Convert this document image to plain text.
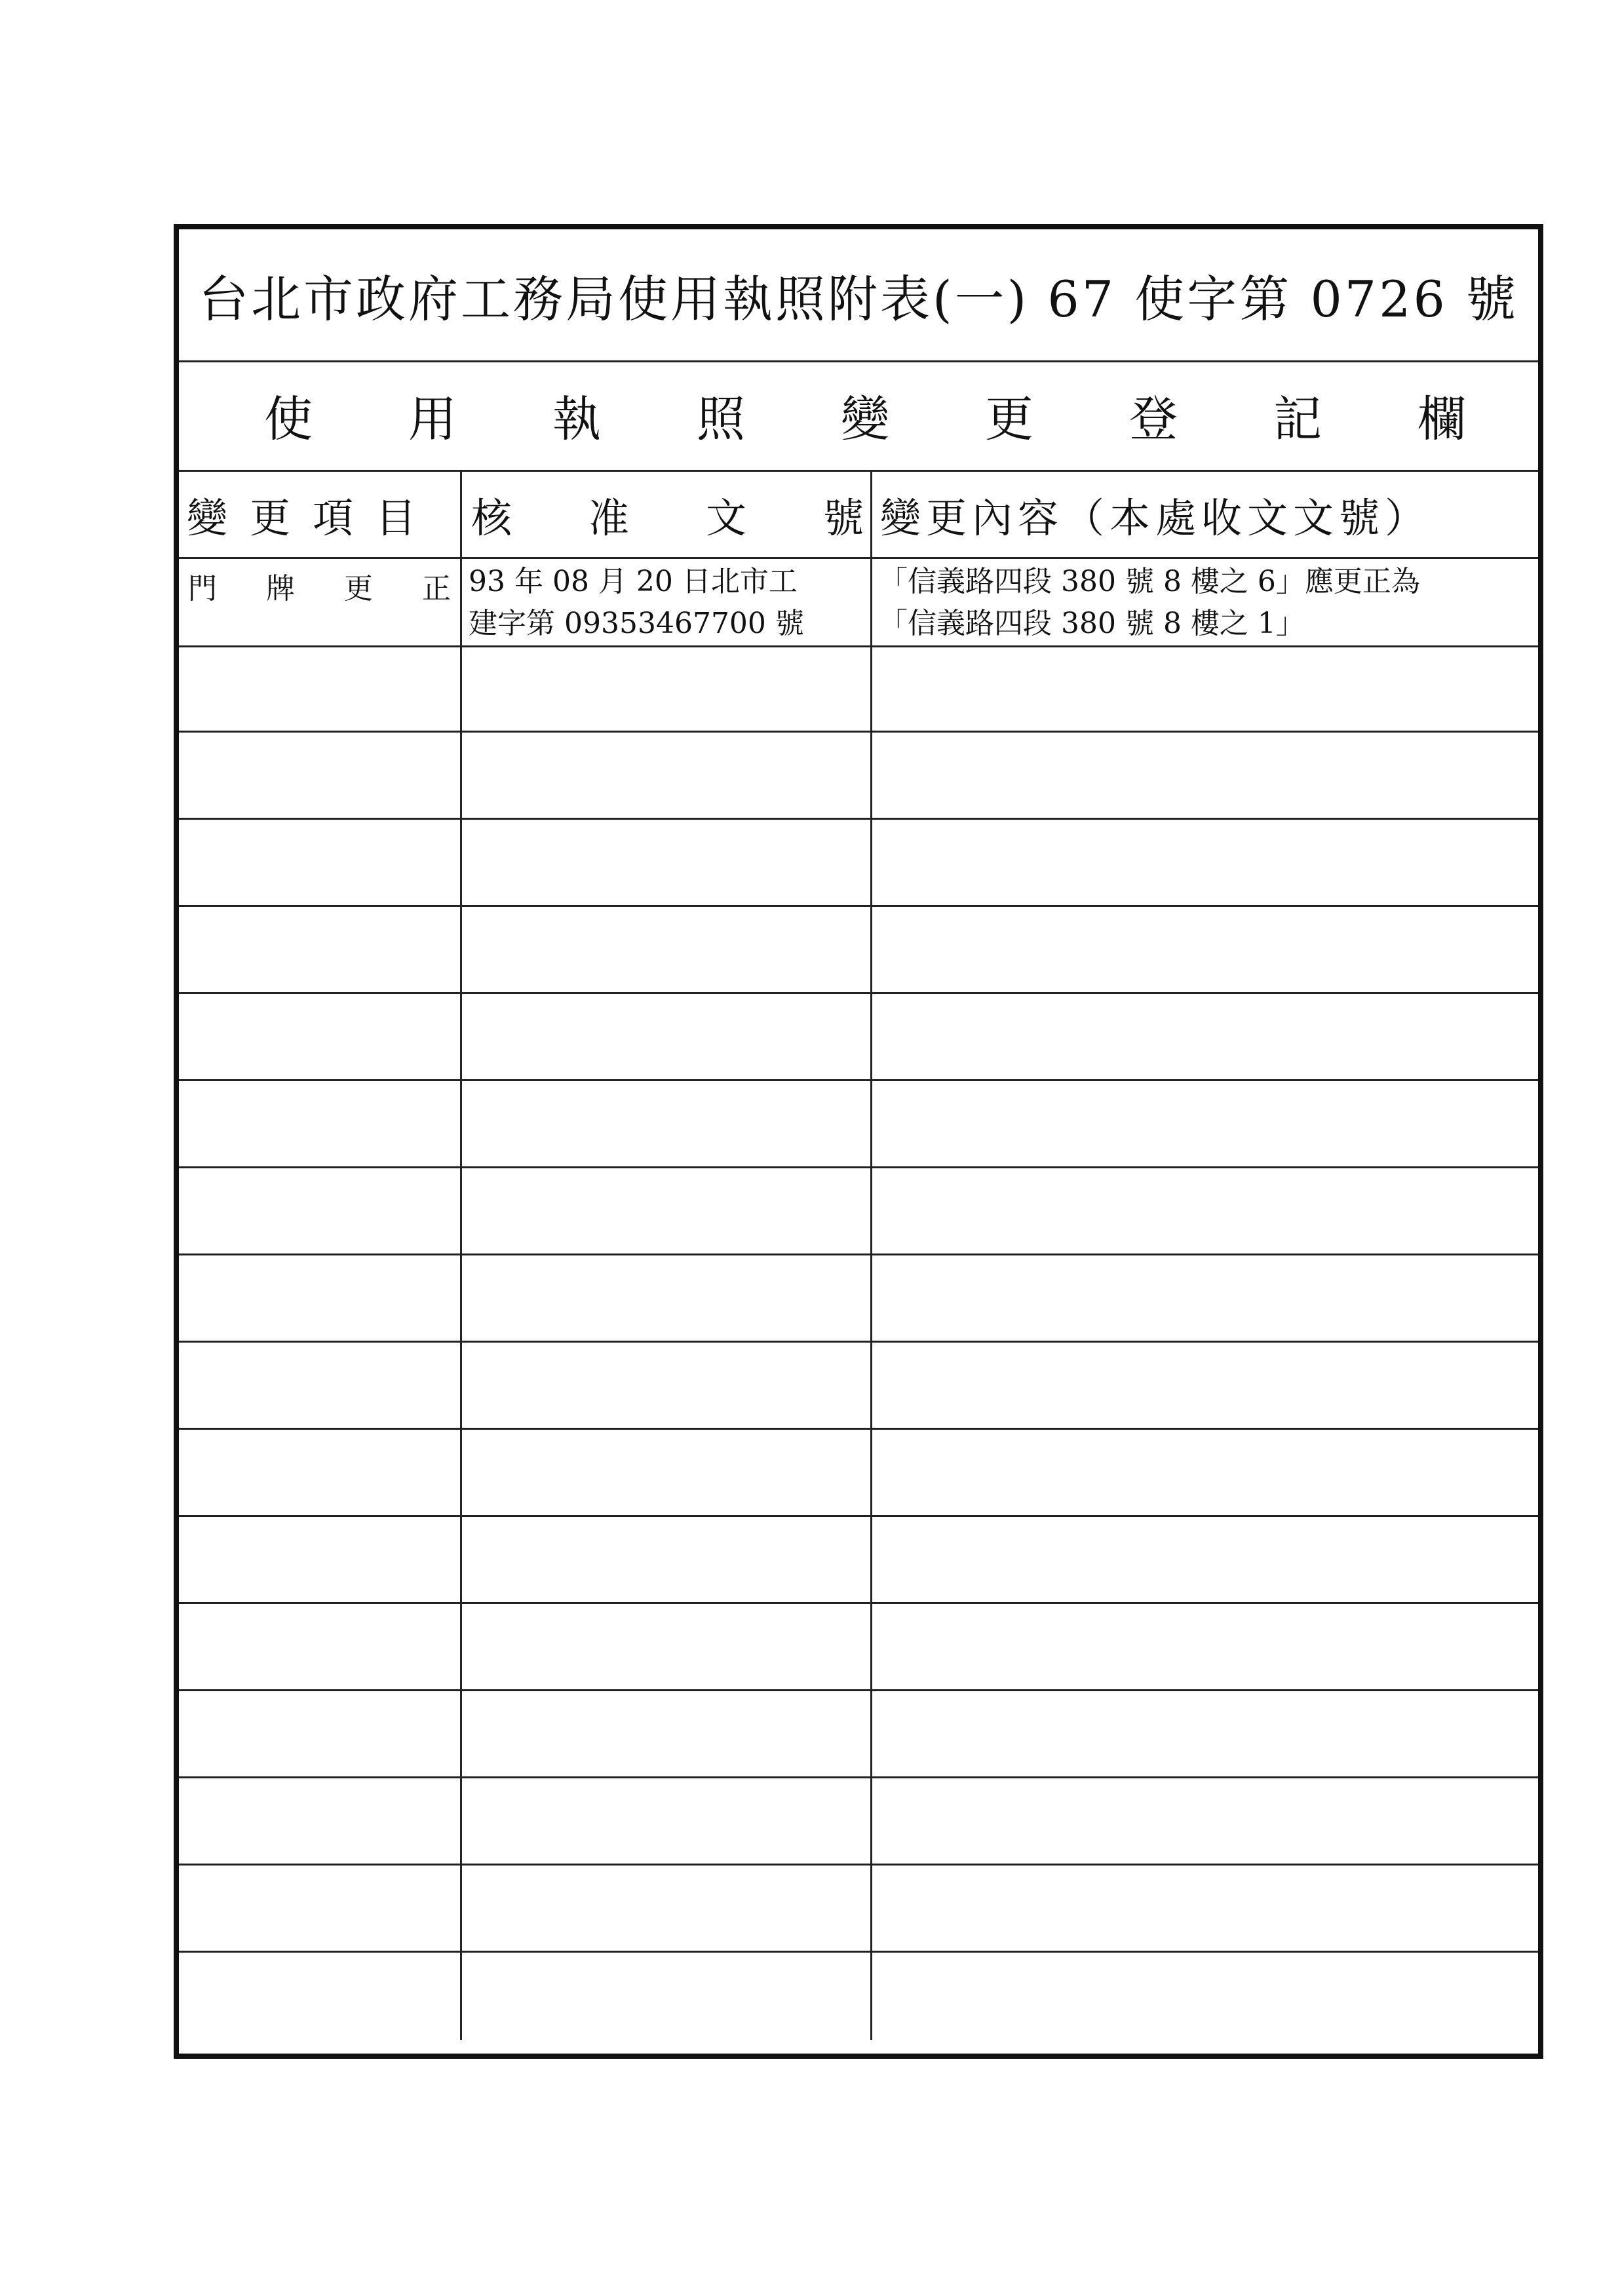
台北市政府工務局使用執照附表(一) 67 使字第 0726 號
使 用 執 照 變 更 登 記 欄
變更項目 核 准 文 號 變更內容（本處收文文號）
門 牌 更 正 93 年 08 月 20 日北市工
建字第 09353467700 號
「信義路四段 380 號 8 樓之 6」應更正為
「信義路四段 380 號 8 樓之 1」
